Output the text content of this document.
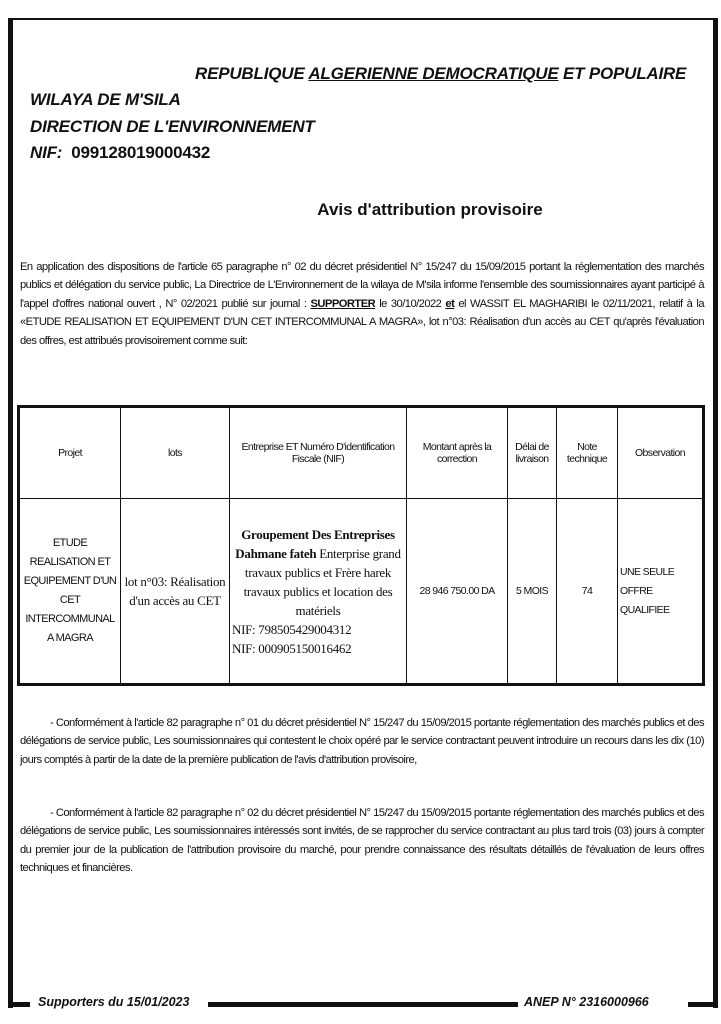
REPUBLIQUE ALGERIENNE DEMOCRATIQUE ET POPULAIRE
WILAYA DE M'SILA
DIRECTION DE L'ENVIRONNEMENT
NIF: 099128019000432
Avis d'attribution provisoire
En application des dispositions de l'article 65 paragraphe n° 02 du décret présidentiel N° 15/247 du 15/09/2015 portant la réglementation des marchés publics et délégation du service public, La Directrice de L'Environnement de la wilaya de M'sila informe l'ensemble des soumissionnaires ayant participé à l'appel d'offres national ouvert , N° 02/2021 publié sur journal : SUPPORTER le 30/10/2022 et el WASSIT EL MAGHARIBI le 02/11/2021, relatif à la «ETUDE REALISATION ET EQUIPEMENT D'UN CET INTERCOMMUNAL A MAGRA», lot n°03: Réalisation d'un accès au CET qu'après l'évaluation des offres, est attribués provisoirement comme suit:
Projet	lots	Entreprise ET Numéro D'identification Fiscale (NIF)	Montant après la correction	Délai de livraison	Note technique	Observation
ETUDE REALISATION ET EQUIPEMENT D'UN CET INTERCOMMUNAL A MAGRA	lot n°03: Réalisation d'un accès au CET	Groupement Des Entreprises Dahmane fateh Enterprise grand travaux publics et Frère harek travaux publics et location des matériels
NIF: 798505429004312
NIF: 000905150016462	28 946 750.00 DA	5 MOIS	74	UNE SEULE OFFRE QUALIFIEE
- Conformément à l'article 82 paragraphe n° 01 du décret présidentiel N° 15/247 du 15/09/2015 portante réglementation des marchés publics et des délégations de service public, Les soumissionnaires qui contestent le choix opéré par le service contractant peuvent introduire un recours dans les dix (10) jours comptés à partir de la date de la première publication de l'avis d'attribution provisoire,
- Conformément à l'article 82 paragraphe n° 02 du décret présidentiel N° 15/247 du 15/09/2015 portante réglementation des marchés publics et des délégations de service public, Les soumissionnaires intéressés sont invités, de se rapprocher du service contractant au plus tard trois (03) jours à compter du premier jour de la publication de l'attribution provisoire du marché, pour prendre connaissance des résultats détaillés de l'évaluation de leurs offres techniques et financières.
Supporters du 15/01/2023	ANEP N° 2316000966
